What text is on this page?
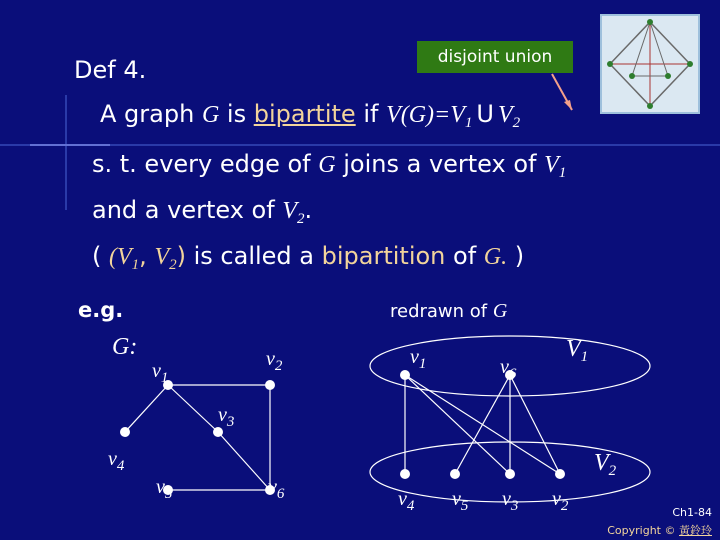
disjoint union
Def 4.
A graph G is bipartite if $V(G)=V_1$ U $V_2$
s. t. every edge of G joins a vertex of $V_1$
and a vertex of $V_2$.
( ($V_1$, $V_2$) is called a bipartition of G. )
e.g.
G:
redrawn of G
$v_1$
$v_2$
$v_3$
$v_4$
$v_5$	$v_6$
$V_1$
$V_2$
$v_1$	$v_6$
$v_4$ $v_5$ $v_3$ $v_2$	Ch1-84
Copyright © 黃鈴玲
